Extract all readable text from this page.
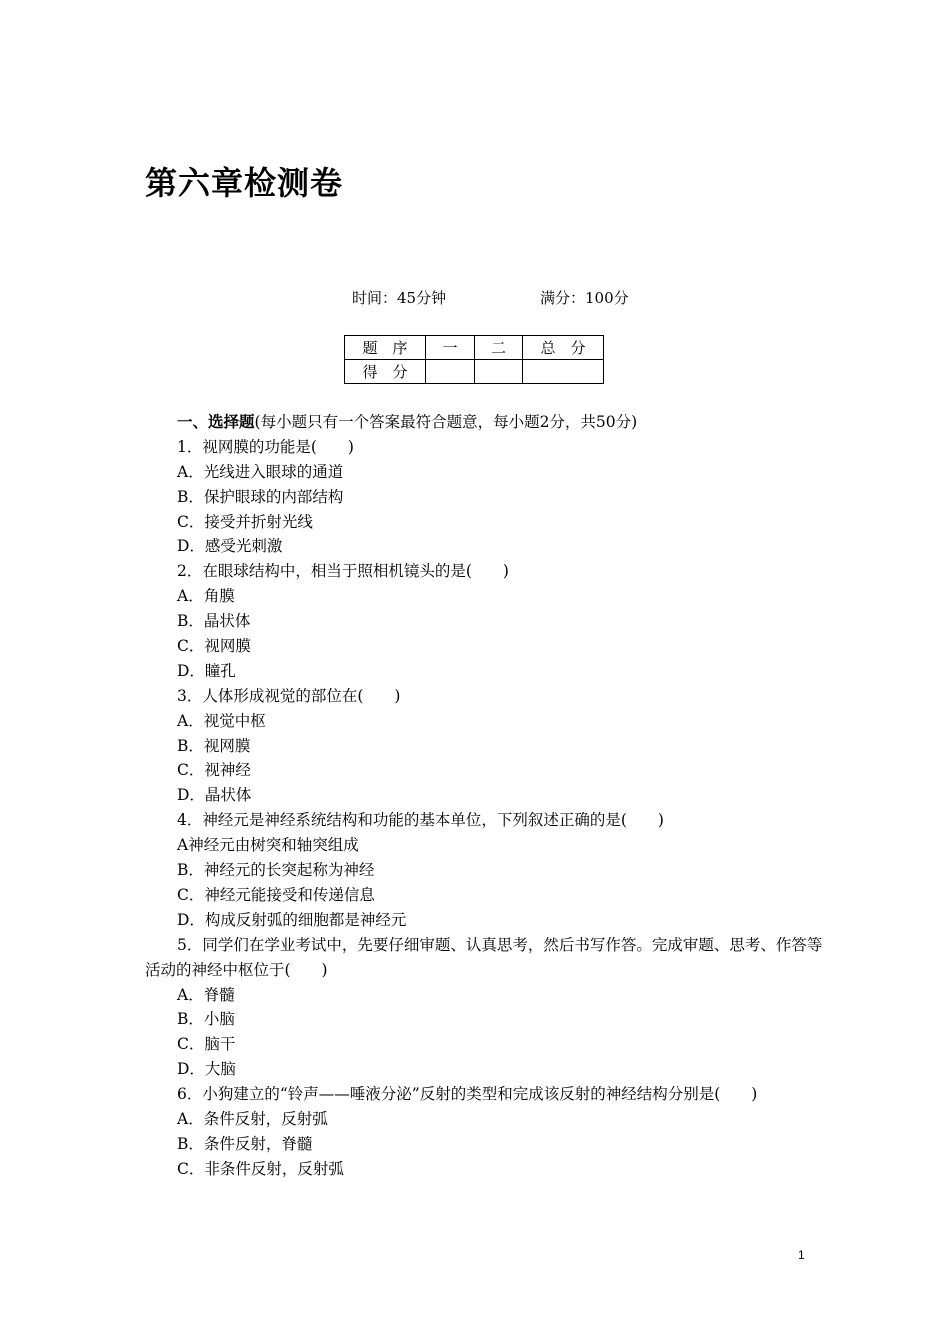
第六章检测卷
时间：45分钟	满分：100分
题　序	一	二	总　分
得　分			
一、选择题(每小题只有一个答案最符合题意，每小题2分，共50分)
1．视网膜的功能是(　　)
A．光线进入眼球的通道
B．保护眼球的内部结构
C．接受并折射光线
D．感受光刺激
2．在眼球结构中，相当于照相机镜头的是(　　)
A．角膜
B．晶状体
C．视网膜
D．瞳孔
3．人体形成视觉的部位在(　　)
A．视觉中枢
B．视网膜
C．视神经
D．晶状体
4．神经元是神经系统结构和功能的基本单位，下列叙述正确的是(　　)
A神经元由树突和轴突组成
B．神经元的长突起称为神经
C．神经元能接受和传递信息
D．构成反射弧的细胞都是神经元
5．同学们在学业考试中，先要仔细审题、认真思考，然后书写作答。完成审题、思考、作答等活动的神经中枢位于(　　)
A．脊髓
B．小脑
C．脑干
D．大脑
6．小狗建立的“铃声——唾液分泌”反射的类型和完成该反射的神经结构分别是(　　)
A．条件反射，反射弧
B．条件反射，脊髓
C．非条件反射，反射弧
1
